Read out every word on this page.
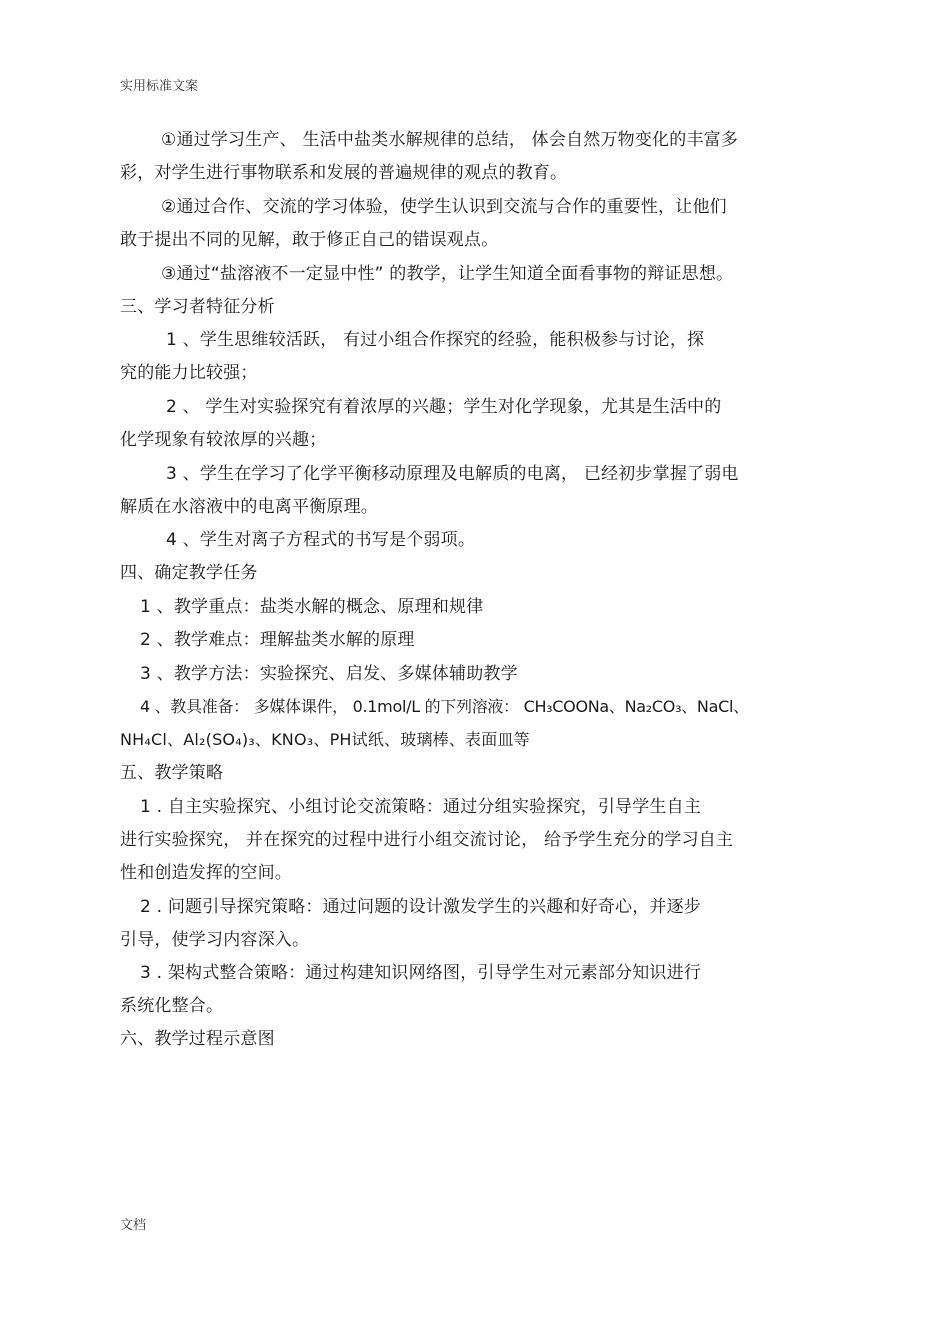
实用标准文案
①通过学习生产、 生活中盐类水解规律的总结， 体会自然万物变化的丰富多
彩，对学生进行事物联系和发展的普遍规律的观点的教育。
②通过合作、交流的学习体验，使学生认识到交流与合作的重要性，让他们
敢于提出不同的见解，敢于修正自己的错误观点。
③通过“盐溶液不一定显中性” 的教学，让学生知道全面看事物的辩证思想。
三、学习者特征分析
1 、学生思维较活跃， 有过小组合作探究的经验，能积极参与讨论，探
究的能力比较强；
2 、 学生对实验探究有着浓厚的兴趣；学生对化学现象，尤其是生活中的
化学现象有较浓厚的兴趣；
3 、学生在学习了化学平衡移动原理及电解质的电离， 已经初步掌握了弱电
解质在水溶液中的电离平衡原理。
4 、学生对离子方程式的书写是个弱项。
四、确定教学任务
1 、教学重点：盐类水解的概念、原理和规律
2 、教学难点：理解盐类水解的原理
3 、教学方法：实验探究、启发、多媒体辅助教学
4 、教具准备： 多媒体课件， 0.1mol/L 的下列溶液： CH₃COONa、Na₂CO₃、NaCl、
NH₄Cl、Al₂(SO₄)₃、KNO₃、PH试纸、玻璃棒、表面皿等
五、教学策略
1 . 自主实验探究、小组讨论交流策略：通过分组实验探究，引导学生自主
进行实验探究， 并在探究的过程中进行小组交流讨论， 给予学生充分的学习自主
性和创造发挥的空间。
2 . 问题引导探究策略：通过问题的设计激发学生的兴趣和好奇心，并逐步
引导，使学习内容深入。
3 . 架构式整合策略：通过构建知识网络图，引导学生对元素部分知识进行
系统化整合。
六、教学过程示意图
文档
